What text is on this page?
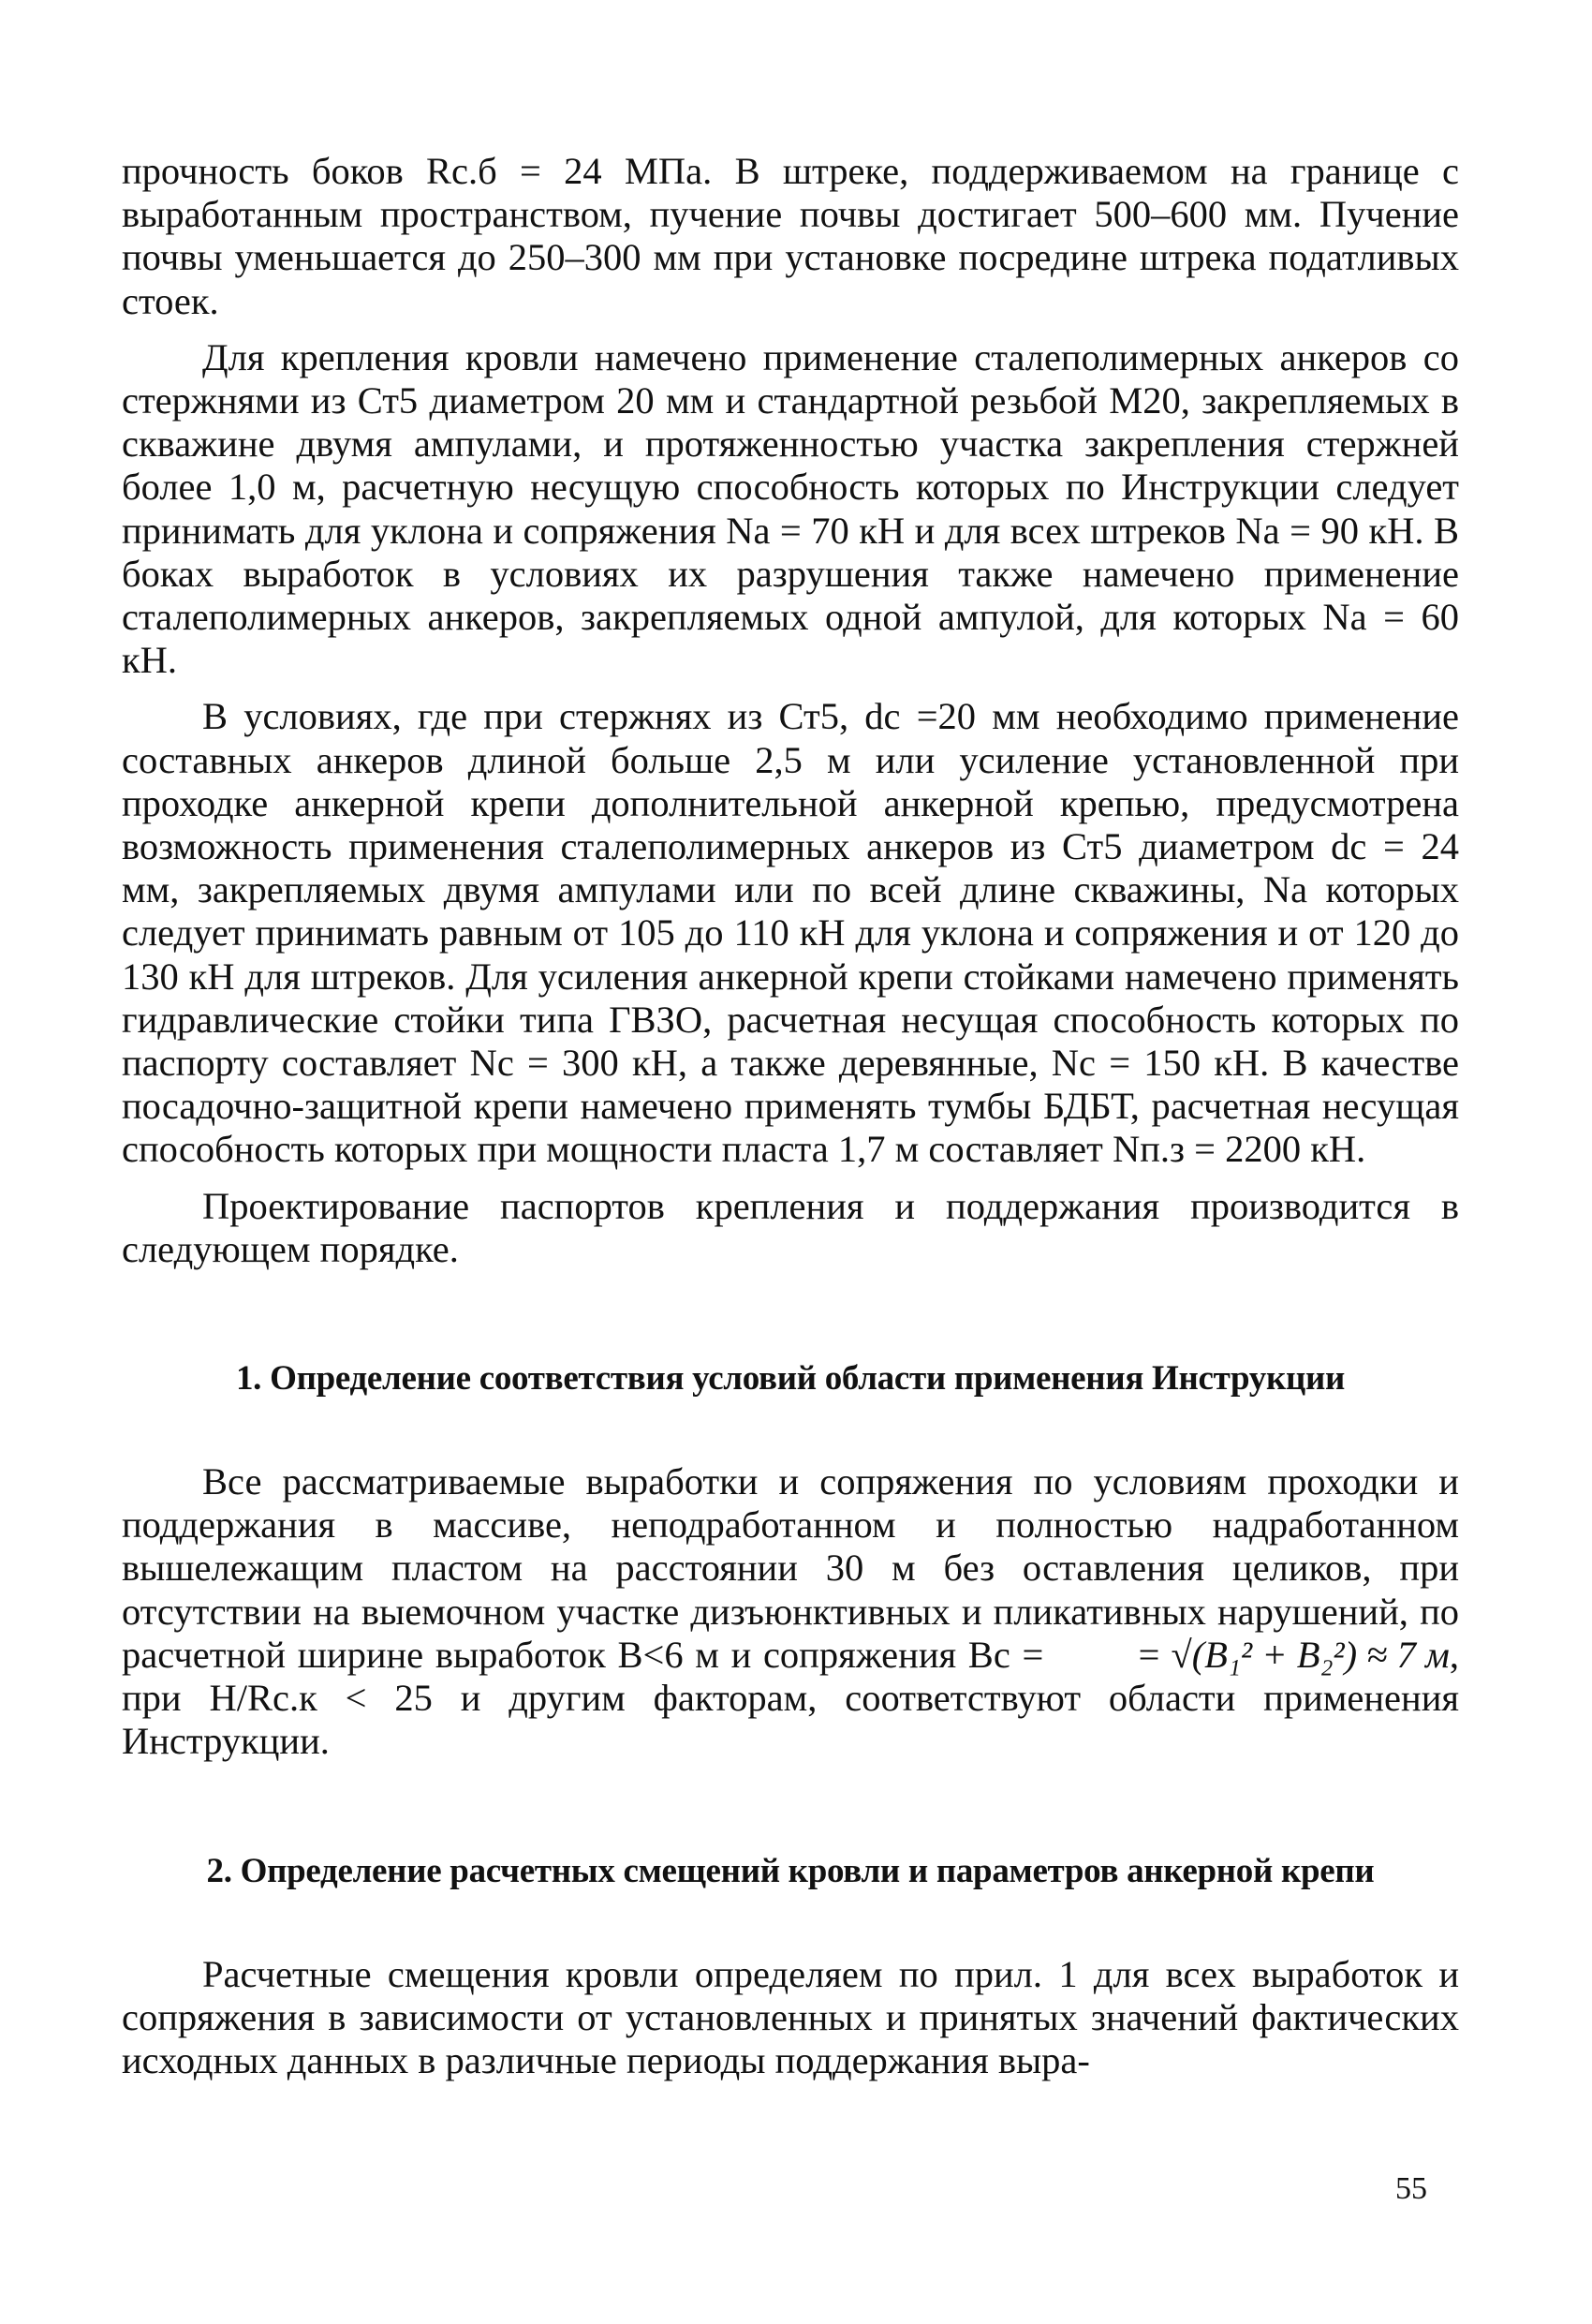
прочность боков Rс.б = 24 МПа. В штреке, поддерживаемом на границе с выработанным пространством, пучение почвы достигает 500–600 мм. Пучение почвы уменьшается до 250–300 мм при установке посредине штрека податливых стоек.

Для крепления кровли намечено применение сталеполимерных анкеров со стержнями из Ст5 диаметром 20 мм и стандартной резьбой М20, закрепляемых в скважине двумя ампулами, и протяженностью участка закрепления стержней более 1,0 м, расчетную несущую способность которых по Инструкции следует принимать для уклона и сопряжения Nа = 70 кН и для всех штреков Nа = 90 кН. В боках выработок в условиях их разрушения также намечено применение сталеполимерных анкеров, закрепляемых одной ампулой, для которых Nа = 60 кН.

В условиях, где при стержнях из Ст5, dс =20 мм необходимо применение составных анкеров длиной больше 2,5 м или усиление установленной при проходке анкерной крепи дополнительной анкерной крепью, предусмотрена возможность применения сталеполимерных анкеров из Ст5 диаметром dс = 24 мм, закрепляемых двумя ампулами или по всей длине скважины, Nа которых следует принимать равным от 105 до 110 кН для уклона и сопряжения и от 120 до 130 кН для штреков. Для усиления анкерной крепи стойками намечено применять гидравлические стойки типа ГВЗО, расчетная несущая способность которых по паспорту составляет Nс = 300 кН, а также деревянные, Nс = 150 кН. В качестве посадочно-защитной крепи намечено применять тумбы БДБТ, расчетная несущая способность которых при мощности пласта 1,7 м составляет Nп.з = 2200 кН.

Проектирование паспортов крепления и поддержания производится в следующем порядке.

1. Определение соответствия условий области применения Инструкции

Все рассматриваемые выработки и сопряжения по условиям проходки и поддержания в массиве, неподработанном и полностью надработанном вышележащим пластом на расстоянии 30 м без оставления целиков, при отсутствии на выемочном участке дизъюнктивных и пликативных нарушений, по расчетной ширине выработок B<6 м и сопряжения Bс = = √(B₁² + B₂²) ≈ 7 м, при H/Rс.к < 25 и другим факторам, соответствуют области применения Инструкции.

2. Определение расчетных смещений кровли и параметров анкерной крепи

Расчетные смещения кровли определяем по прил. 1 для всех выработок и сопряжения в зависимости от установленных и принятых значений фактических исходных данных в различные периоды поддержания выра-

55
